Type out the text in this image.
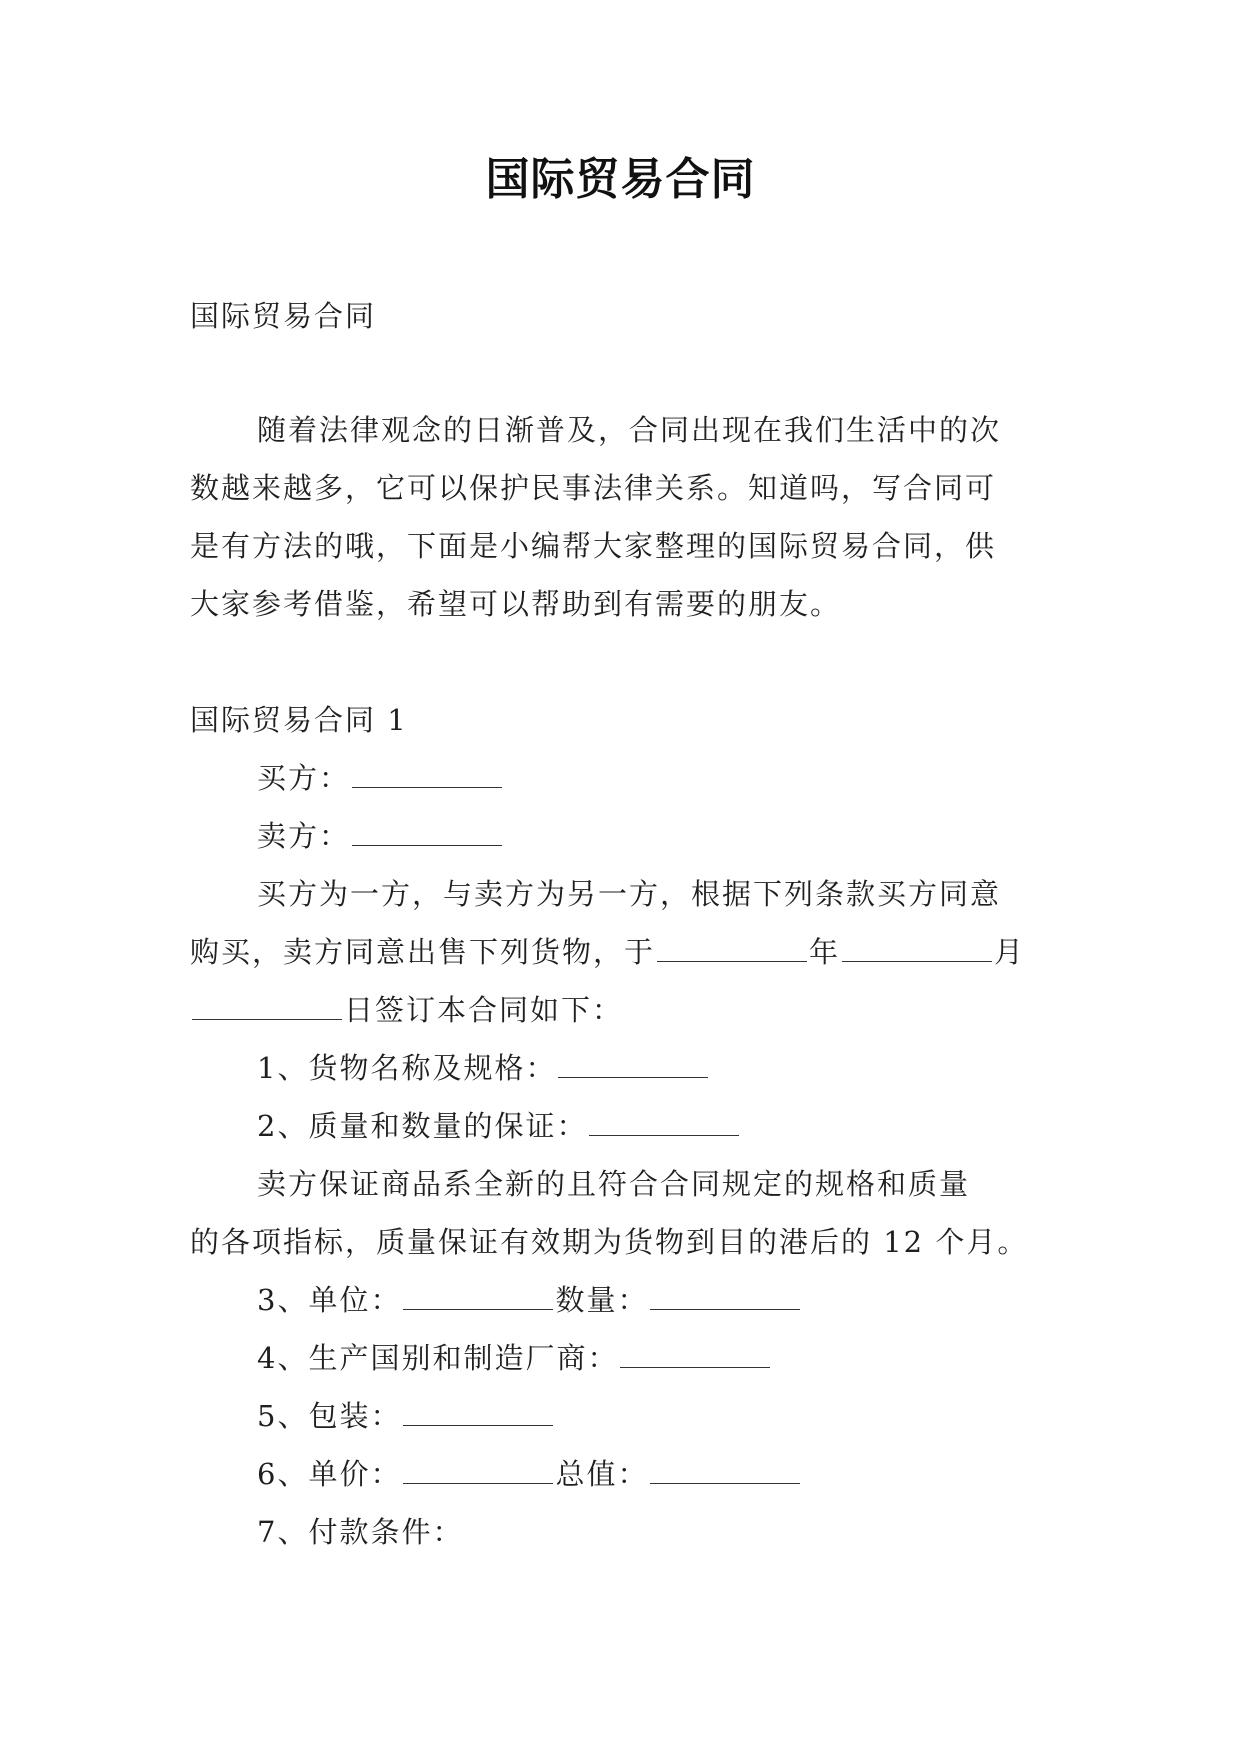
国际贸易合同
国际贸易合同
随着法律观念的日渐普及，合同出现在我们生活中的次
数越来越多，它可以保护民事法律关系。知道吗，写合同可
是有方法的哦，下面是小编帮大家整理的国际贸易合同，供
大家参考借鉴，希望可以帮助到有需要的朋友。
国际贸易合同 1
买方：
卖方：
买方为一方，与卖方为另一方，根据下列条款买方同意
购买，卖方同意出售下列货物，于	年	月
日签订本合同如下：
1、货物名称及规格：
2、质量和数量的保证：
卖方保证商品系全新的且符合合同规定的规格和质量
的各项指标，质量保证有效期为货物到目的港后的 12 个月。
3、单位：	数量：
4、生产国别和制造厂商：
5、包装：
6、单价：	总值：
7、付款条件：
